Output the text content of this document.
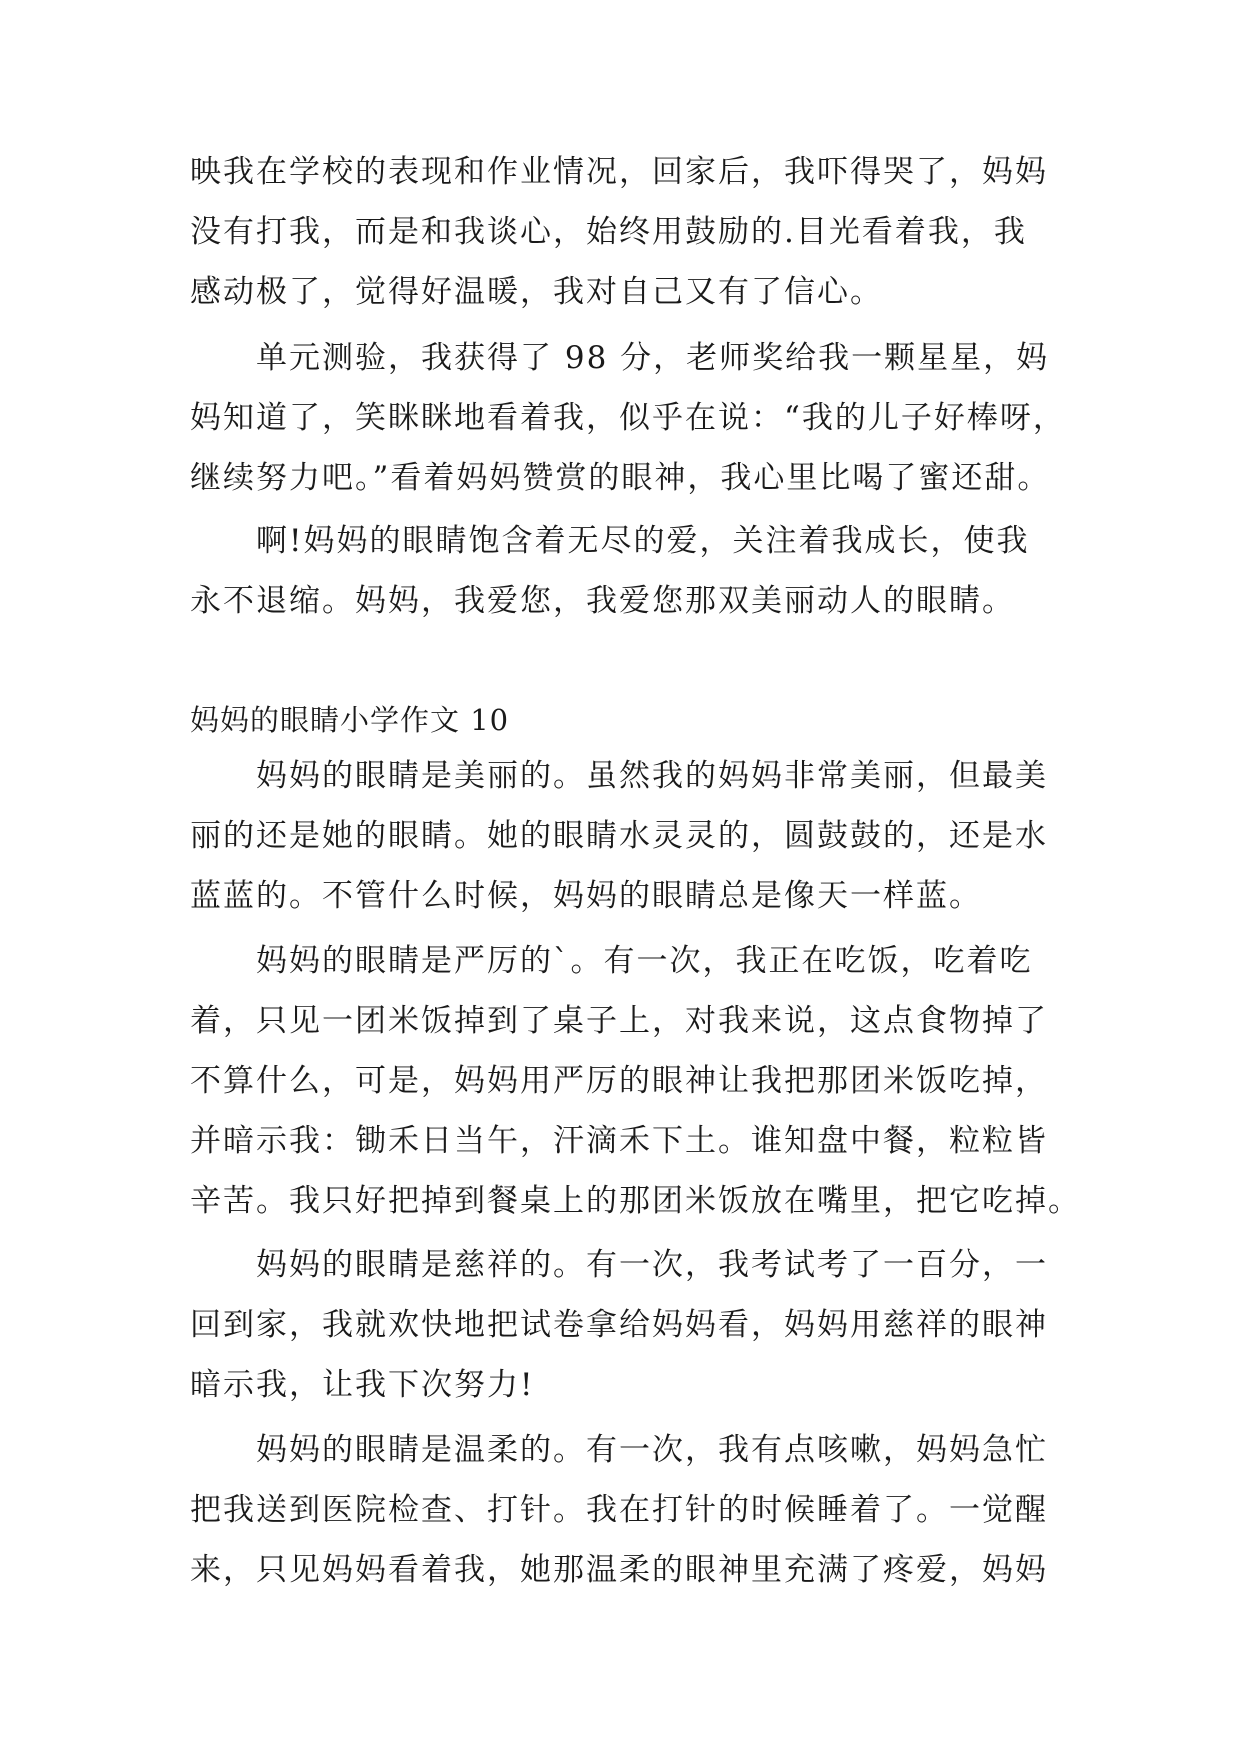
映我在学校的表现和作业情况，回家后，我吓得哭了，妈妈
没有打我，而是和我谈心，始终用鼓励的.目光看着我，我
感动极了，觉得好温暖，我对自己又有了信心。
单元测验，我获得了 98 分，老师奖给我一颗星星，妈
妈知道了，笑眯眯地看着我，似乎在说：“我的儿子好棒呀，
继续努力吧。”看着妈妈赞赏的眼神，我心里比喝了蜜还甜。
啊!妈妈的眼睛饱含着无尽的爱，关注着我成长，使我
永不退缩。妈妈，我爱您，我爱您那双美丽动人的眼睛。
妈妈的眼睛小学作文 10
妈妈的眼睛是美丽的。虽然我的妈妈非常美丽，但最美
丽的还是她的眼睛。她的眼睛水灵灵的，圆鼓鼓的，还是水
蓝蓝的。不管什么时候，妈妈的眼睛总是像天一样蓝。
妈妈的眼睛是严厉的`。有一次，我正在吃饭，吃着吃
着，只见一团米饭掉到了桌子上，对我来说，这点食物掉了
不算什么，可是，妈妈用严厉的眼神让我把那团米饭吃掉，
并暗示我：锄禾日当午，汗滴禾下土。谁知盘中餐，粒粒皆
辛苦。我只好把掉到餐桌上的那团米饭放在嘴里，把它吃掉。
妈妈的眼睛是慈祥的。有一次，我考试考了一百分，一
回到家，我就欢快地把试卷拿给妈妈看，妈妈用慈祥的眼神
暗示我，让我下次努力!
妈妈的眼睛是温柔的。有一次，我有点咳嗽，妈妈急忙
把我送到医院检查、打针。我在打针的时候睡着了。一觉醒
来，只见妈妈看着我，她那温柔的眼神里充满了疼爱，妈妈
